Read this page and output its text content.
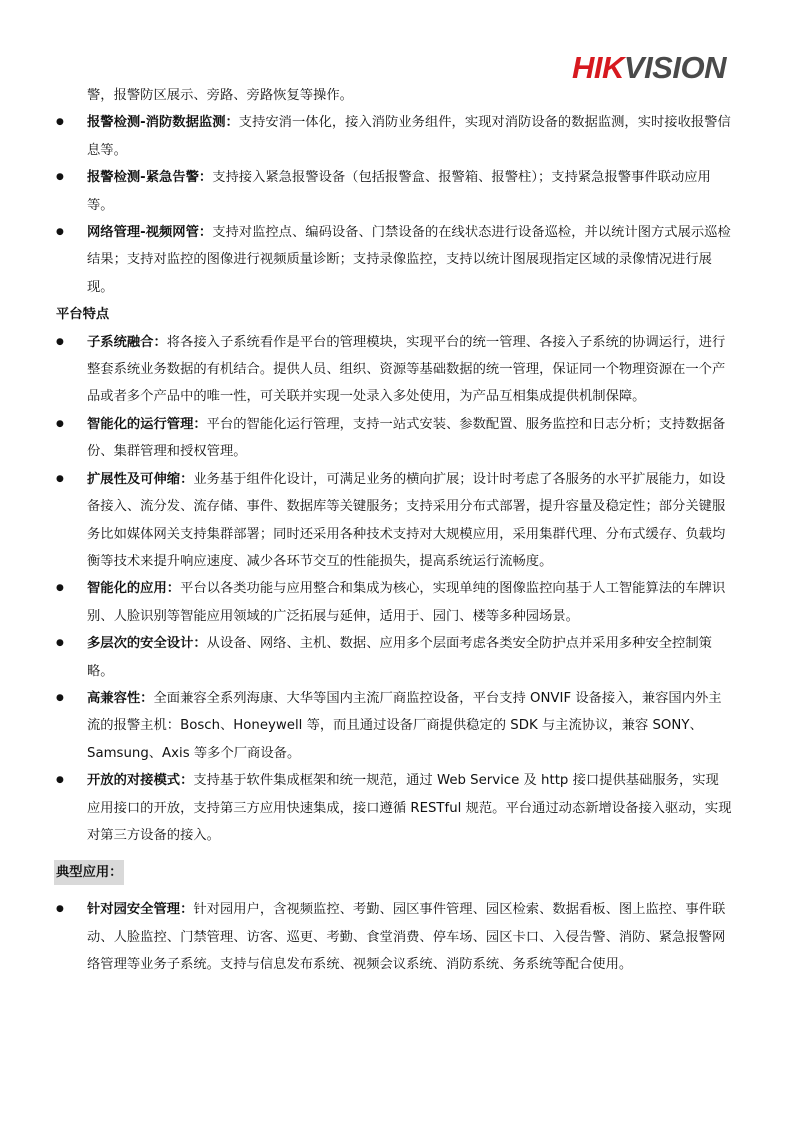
HIKVISION
警，报警防区展示、旁路、旁路恢复等操作。
● 报警检测-消防数据监测：支持安消一体化，接入消防业务组件，实现对消防设备的数据监测，实时接收报警信息等。
● 报警检测-紧急告警：支持接入紧急报警设备（包括报警盒、报警箱、报警柱）；支持紧急报警事件联动应用等。
● 网络管理-视频网管：支持对监控点、编码设备、门禁设备的在线状态进行设备巡检，并以统计图方式展示巡检结果；支持对监控的图像进行视频质量诊断；支持录像监控，支持以统计图展现指定区域的录像情况进行展现。
平台特点
● 子系统融合：将各接入子系统看作是平台的管理模块，实现平台的统一管理、各接入子系统的协调运行，进行整套系统业务数据的有机结合。提供人员、组织、资源等基础数据的统一管理，保证同一个物理资源在一个产品或者多个产品中的唯一性，可关联并实现一处录入多处使用，为产品互相集成提供机制保障。
● 智能化的运行管理：平台的智能化运行管理，支持一站式安装、参数配置、服务监控和日志分析；支持数据备份、集群管理和授权管理。
● 扩展性及可伸缩：业务基于组件化设计，可满足业务的横向扩展；设计时考虑了各服务的水平扩展能力，如设备接入、流分发、流存储、事件、数据库等关键服务；支持采用分布式部署，提升容量及稳定性；部分关键服务比如媒体网关支持集群部署；同时还采用各种技术支持对大规模应用，采用集群代理、分布式缓存、负载均衡等技术来提升响应速度、减少各环节交互的性能损失，提高系统运行流畅度。
● 智能化的应用：平台以各类功能与应用整合和集成为核心，实现单纯的图像监控向基于人工智能算法的车牌识别、人脸识别等智能应用领域的广泛拓展与延伸，适用于、园门、楼等多种园场景。
● 多层次的安全设计：从设备、网络、主机、数据、应用多个层面考虑各类安全防护点并采用多种安全控制策略。
● 高兼容性：全面兼容全系列海康、大华等国内主流厂商监控设备，平台支持 ONVIF 设备接入，兼容国内外主流的报警主机：Bosch、Honeywell 等，而且通过设备厂商提供稳定的 SDK 与主流协议，兼容 SONY、Samsung、Axis 等多个厂商设备。
● 开放的对接模式：支持基于软件集成框架和统一规范，通过 Web Service 及 http 接口提供基础服务，实现应用接口的开放，支持第三方应用快速集成，接口遵循 RESTful 规范。平台通过动态新增设备接入驱动，实现对第三方设备的接入。
典型应用：
● 针对园安全管理：针对园用户，含视频监控、考勤、园区事件管理、园区检索、数据看板、图上监控、事件联动、人脸监控、门禁管理、访客、巡更、考勤、食堂消费、停车场、园区卡口、入侵告警、消防、紧急报警网络管理等业务子系统。支持与信息发布系统、视频会议系统、消防系统、务系统等配合使用。
